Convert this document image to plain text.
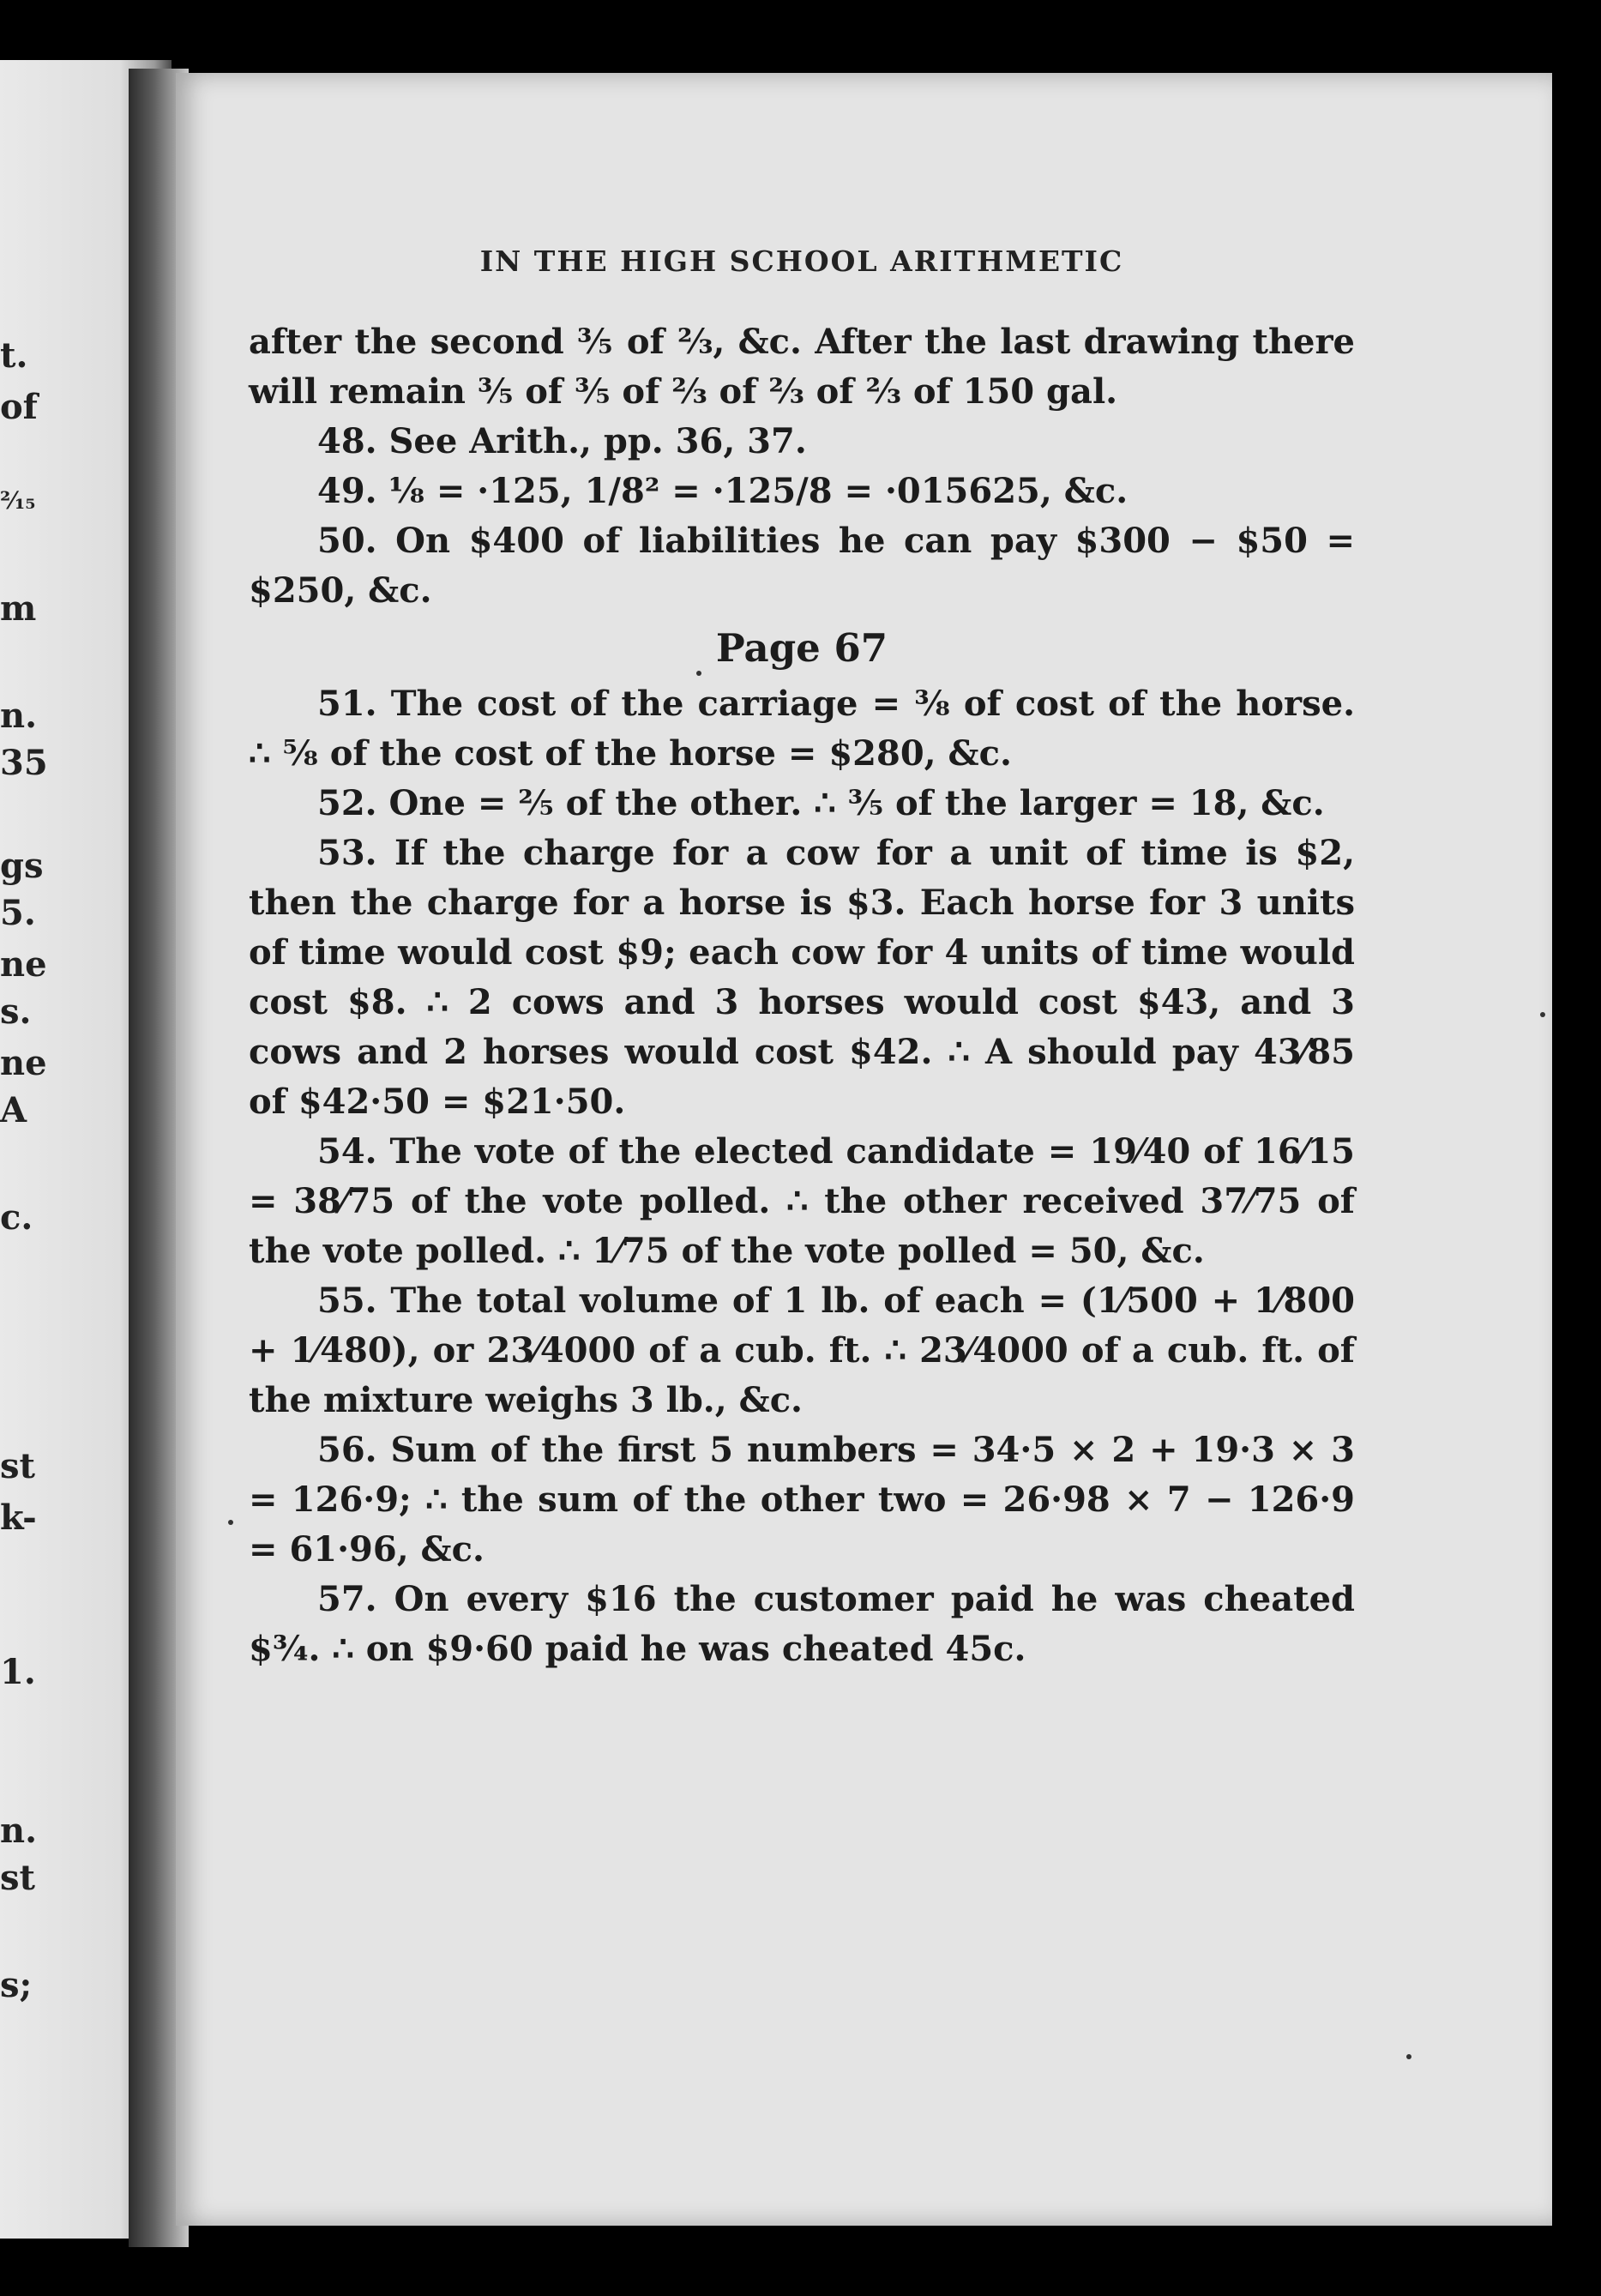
t.
of
²⁄₁₅
m
n.
35
gs
5.
ne
s.
ne
A
c.
st
k-
1.
n.
st
s;
IN THE HIGH SCHOOL ARITHMETIC

after the second ⅗ of ⅔, &c. After the last drawing there will remain ⅗ of ⅗ of ⅔ of ⅔ of ⅔ of 150 gal.

48. See Arith., pp. 36, 37.

49. ⅛ = ·125, 1/8² = ·125/8 = ·015625, &c.

50. On $400 of liabilities he can pay $300 − $50 = $250, &c.

Page 67

51. The cost of the carriage = ⅜ of cost of the horse. ∴ ⅝ of the cost of the horse = $280, &c.

52. One = ⅖ of the other. ∴ ⅗ of the larger = 18, &c.

53. If the charge for a cow for a unit of time is $2, then the charge for a horse is $3. Each horse for 3 units of time would cost $9; each cow for 4 units of time would cost $8. ∴ 2 cows and 3 horses would cost $43, and 3 cows and 2 horses would cost $42. ∴ A should pay 43⁄85 of $42·50 = $21·50.

54. The vote of the elected candidate = 19⁄40 of 16⁄15 = 38⁄75 of the vote polled. ∴ the other received 37⁄75 of the vote polled. ∴ 1⁄75 of the vote polled = 50, &c.

55. The total volume of 1 lb. of each = (1⁄500 + 1⁄800 + 1⁄480), or 23⁄4000 of a cub. ft. ∴ 23⁄4000 of a cub. ft. of the mixture weighs 3 lb., &c.

56. Sum of the first 5 numbers = 34·5 × 2 + 19·3 × 3 = 126·9; ∴ the sum of the other two = 26·98 × 7 − 126·9 = 61·96, &c.

57. On every $16 the customer paid he was cheated $¾. ∴ on $9·60 paid he was cheated 45c.
